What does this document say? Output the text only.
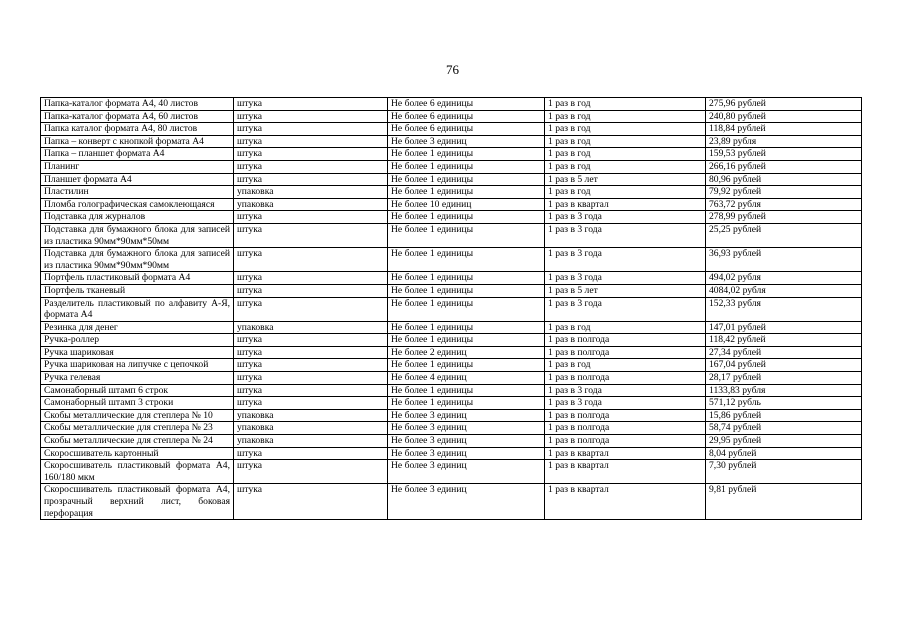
76
Папка-каталог формата А4, 40 листов	штука	Не более 6 единицы	1 раз в год	275,96 рублей
Папка-каталог формата А4, 60 листов	штука	Не более 6 единицы	1 раз в год	240,80 рублей
Папка каталог формата А4, 80 листов	штука	Не более 6 единицы	1 раз в год	118,84 рублей
Папка – конверт с кнопкой формата А4	штука	Не более 3 единиц	1 раз в год	23,89 рубля
Папка – планшет формата А4	штука	Не более 1 единицы	1 раз в год	159,53 рублей
Планинг	штука	Не более 1 единицы	1 раз в год	266,16 рублей
Планшет формата А4	штука	Не более 1 единицы	1 раз в 5 лет	80,96 рублей
Пластилин	упаковка	Не более 1 единицы	1 раз в год	79,92 рублей
Пломба голографическая самоклеющаяся	упаковка	Не более 10 единиц	1 раз в квартал	763,72 рубля
Подставка для журналов	штука	Не более 1 единицы	1 раз в 3 года	278,99 рублей
Подставка для бумажного блока для записей из пластика 90мм*90мм*50мм	штука	Не более 1 единицы	1 раз в 3 года	25,25 рублей
Подставка для бумажного блока для записей из пластика 90мм*90мм*90мм	штука	Не более 1 единицы	1 раз в 3 года	36,93 рублей
Портфель пластиковый формата А4	штука	Не более 1 единицы	1 раз в 3 года	494,02 рубля
Портфель тканевый	штука	Не более 1 единицы	1 раз в 5 лет	4084,02 рубля
Разделитель пластиковый по алфавиту А-Я, формата А4	штука	Не более 1 единицы	1 раз в 3 года	152,33 рубля
Резинка для денег	упаковка	Не более 1 единицы	1 раз в год	147,01 рублей
Ручка-роллер	штука	Не более 1 единицы	1 раз в полгода	118,42 рублей
Ручка шариковая	штука	Не более 2 единиц	1 раз в полгода	27,34 рублей
Ручка шариковая на липучке с цепочкой	штука	Не более 1 единицы	1 раз в год	167,04 рублей
Ручка гелевая	штука	Не более 4 единиц	1 раз в полгода	28,17 рублей
Самонаборный штамп 6 строк	штука	Не более 1 единицы	1 раз в 3 года	1133,83 рубля
Самонаборный штамп 3 строки	штука	Не более 1 единицы	1 раз в 3 года	571,12 рубль
Скобы металлические для степлера № 10	упаковка	Не более 3 единиц	1 раз в полгода	15,86 рублей
Скобы металлические для степлера № 23	упаковка	Не более 3 единиц	1 раз в полгода	58,74 рублей
Скобы металлические для степлера № 24	упаковка	Не более 3 единиц	1 раз в полгода	29,95 рублей
Скоросшиватель картонный	штука	Не более 3 единиц	1 раз в квартал	8,04 рублей
Скоросшиватель пластиковый формата А4, 160/180 мкм	штука	Не более 3 единиц	1 раз в квартал	7,30 рублей
Скоросшиватель пластиковый формата А4, прозрачный верхний лист, боковая перфорация	штука	Не более 3 единиц	1 раз в квартал	9,81 рублей
